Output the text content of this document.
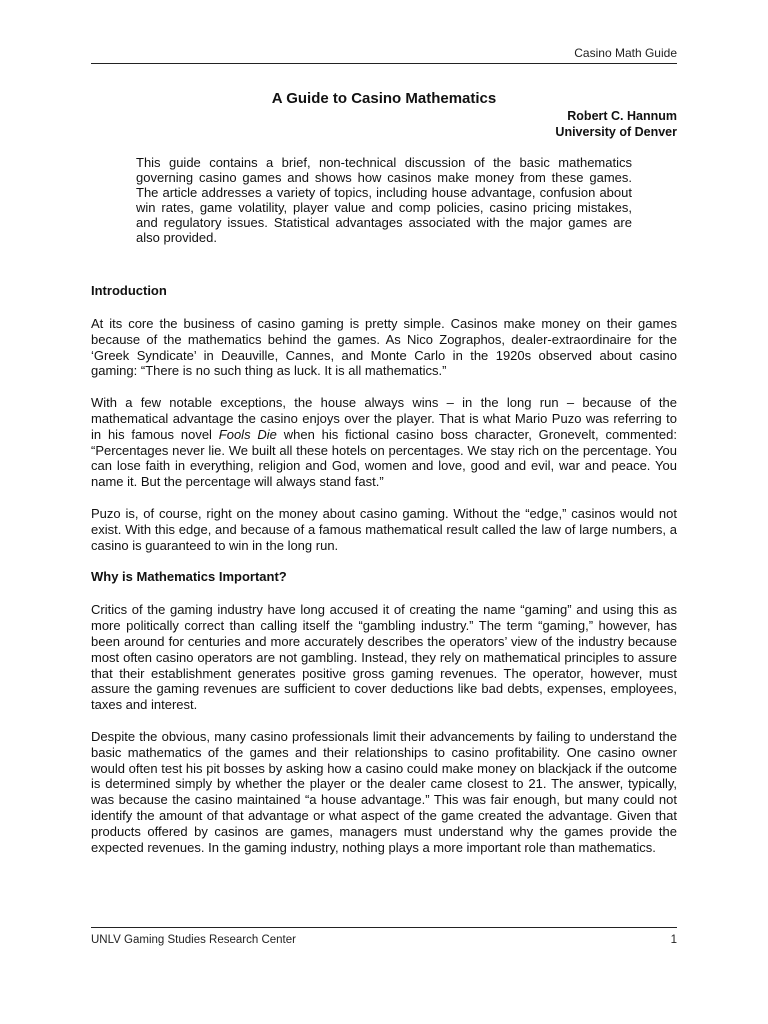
Casino Math Guide
A Guide to Casino Mathematics
Robert C. Hannum
University of Denver

This guide contains a brief, non-technical discussion of the basic mathematics governing casino games and shows how casinos make money from these games. The article addresses a variety of topics, including house advantage, confusion about win rates, game volatility, player value and comp policies, casino pricing mistakes, and regulatory issues. Statistical advantages associated with the major games are also provided.

Introduction

At its core the business of casino gaming is pretty simple. Casinos make money on their games because of the mathematics behind the games. As Nico Zographos, dealer-extraordinaire for the ‘Greek Syndicate’ in Deauville, Cannes, and Monte Carlo in the 1920s observed about casino gaming: “There is no such thing as luck. It is all mathematics.”

With a few notable exceptions, the house always wins – in the long run – because of the mathematical advantage the casino enjoys over the player. That is what Mario Puzo was referring to in his famous novel Fools Die when his fictional casino boss character, Gronevelt, commented: “Percentages never lie. We built all these hotels on percentages. We stay rich on the percentage. You can lose faith in everything, religion and God, women and love, good and evil, war and peace. You name it. But the percentage will always stand fast.”

Puzo is, of course, right on the money about casino gaming. Without the “edge,” casinos would not exist. With this edge, and because of a famous mathematical result called the law of large numbers, a casino is guaranteed to win in the long run.

Why is Mathematics Important?

Critics of the gaming industry have long accused it of creating the name “gaming” and using this as more politically correct than calling itself the “gambling industry.” The term “gaming,” however, has been around for centuries and more accurately describes the operators’ view of the industry because most often casino operators are not gambling. Instead, they rely on mathematical principles to assure that their establishment generates positive gross gaming revenues. The operator, however, must assure the gaming revenues are sufficient to cover deductions like bad debts, expenses, employees, taxes and interest.

Despite the obvious, many casino professionals limit their advancements by failing to understand the basic mathematics of the games and their relationships to casino profitability. One casino owner would often test his pit bosses by asking how a casino could make money on blackjack if the outcome is determined simply by whether the player or the dealer came closest to 21. The answer, typically, was because the casino maintained “a house advantage.” This was fair enough, but many could not identify the amount of that advantage or what aspect of the game created the advantage. Given that products offered by casinos are games, managers must understand why the games provide the expected revenues. In the gaming industry, nothing plays a more important role than mathematics.

UNLV Gaming Studies Research Center	1
